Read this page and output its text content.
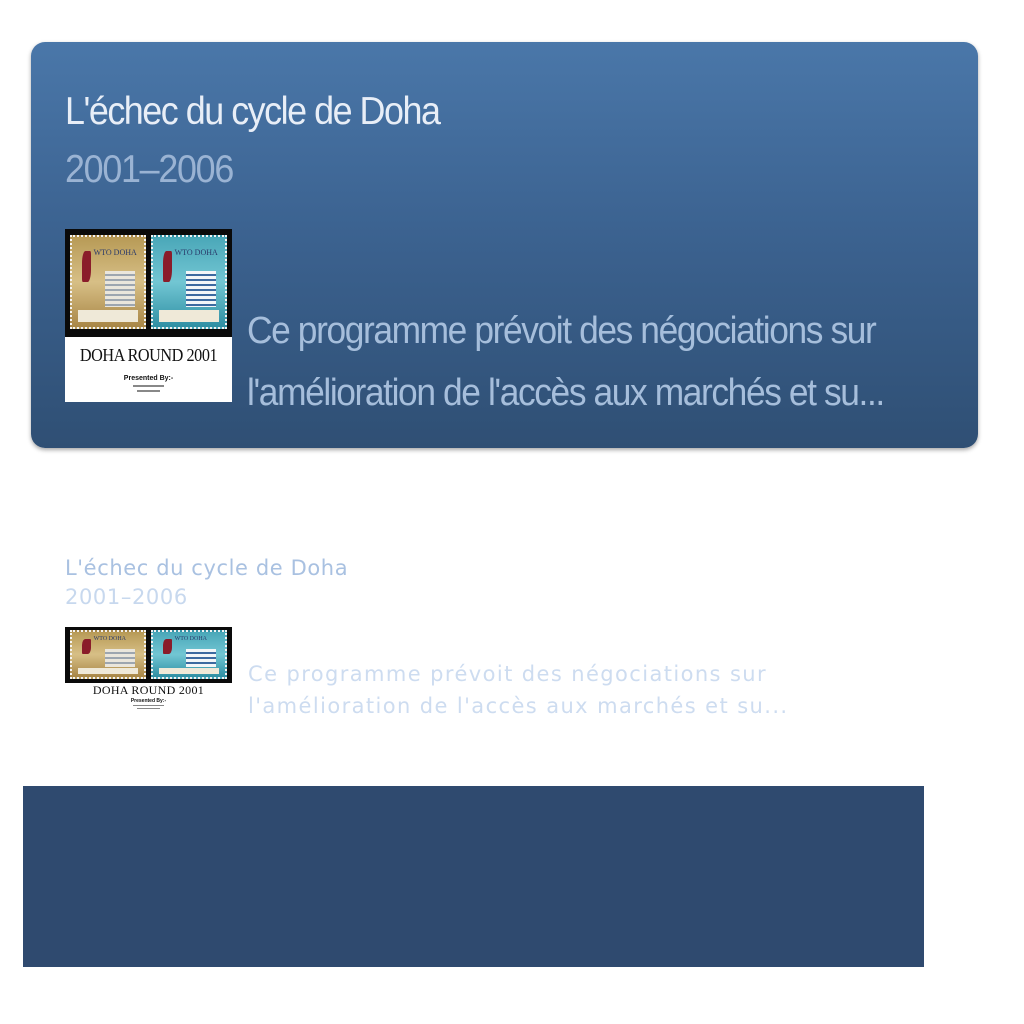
L'échec du cycle de Doha
2001–2006
WTO DOHA	WTO DOHA
DOHA ROUND 2001
Presented By:-
Ce programme prévoit des négociations sur
l'amélioration de l'accès aux marchés et su...
L'échec du cycle de Doha
2001–2006
WTO DOHA	WTO DOHA
DOHA ROUND 2001
Presented By:-
Ce programme prévoit des négociations sur
l'amélioration de l'accès aux marchés et su...
